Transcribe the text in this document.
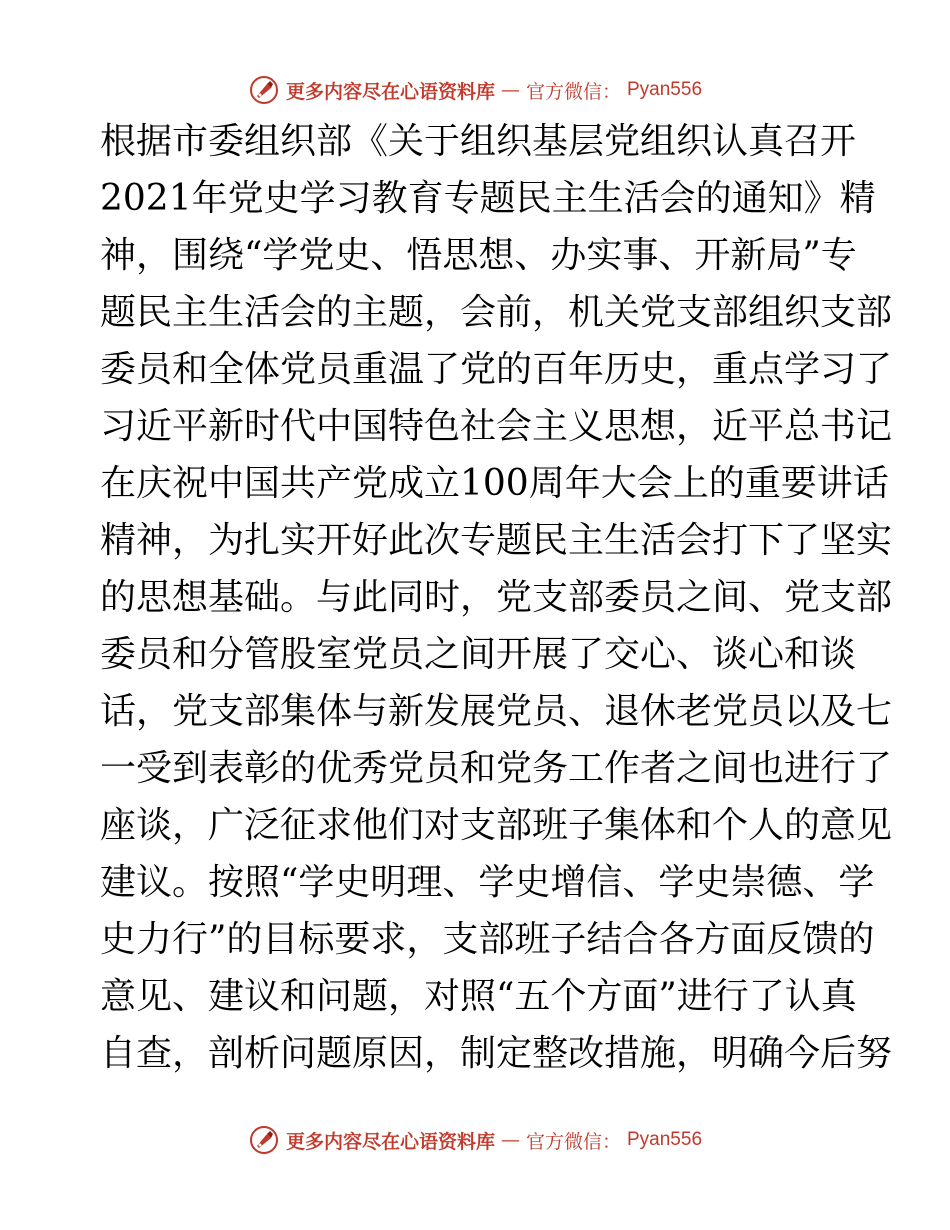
更多内容尽在心语资料库 — 官方微信： Pyan556
根据市委组织部《关于组织基层党组织认真召开
2021年党史学习教育专题民主生活会的通知》精
神，围绕“学党史、悟思想、办实事、开新局”专
题民主生活会的主题，会前，机关党支部组织支部
委员和全体党员重温了党的百年历史，重点学习了
习近平新时代中国特色社会主义思想，近平总书记
在庆祝中国共产党成立100周年大会上的重要讲话
精神，为扎实开好此次专题民主生活会打下了坚实
的思想基础。与此同时，党支部委员之间、党支部
委员和分管股室党员之间开展了交心、谈心和谈
话，党支部集体与新发展党员、退休老党员以及七
一受到表彰的优秀党员和党务工作者之间也进行了
座谈，广泛征求他们对支部班子集体和个人的意见
建议。按照“学史明理、学史增信、学史崇德、学
史力行”的目标要求，支部班子结合各方面反馈的
意见、建议和问题，对照“五个方面”进行了认真
自查，剖析问题原因，制定整改措施，明确今后努
更多内容尽在心语资料库 — 官方微信： Pyan556
